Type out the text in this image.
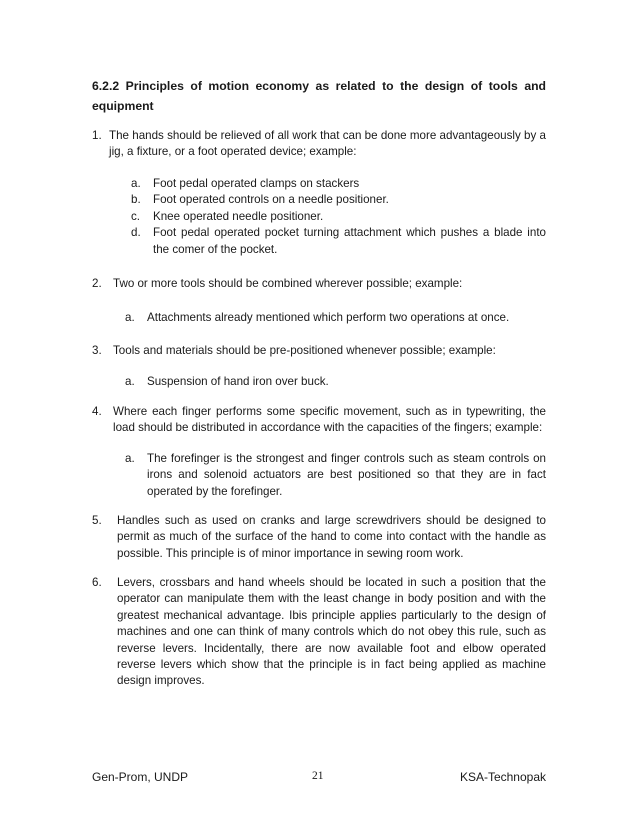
6.2.2 Principles of motion economy as related to the design of tools and equipment
1. The hands should be relieved of all work that can be done more advantageously by a jig, a fixture, or a foot operated device; example:
a.	Foot pedal operated clamps on stackers
b.	Foot operated controls on a needle positioner.
c.	Knee operated needle positioner.
d.	Foot pedal operated pocket turning attachment which pushes a blade into the comer of the pocket.
2. Two or more tools should be combined wherever possible; example:
a.	Attachments already mentioned which perform two operations at once.
3. Tools and materials should be pre-positioned whenever possible; example:
a.	Suspension of hand iron over buck.
4. Where each finger performs some specific movement, such as in typewriting, the load should be distributed in accordance with the capacities of the fingers; example:
a.	The forefinger is the strongest and finger controls such as steam controls on irons and solenoid actuators are best positioned so that they are in fact operated by the forefinger.
5.	Handles such as used on cranks and large screwdrivers should be designed to permit as much of the surface of the hand to come into contact with the handle as possible. This principle is of minor importance in sewing room work.
6.	Levers, crossbars and hand wheels should be located in such a position that the operator can manipulate them with the least change in body position and with the greatest mechanical advantage. Ibis principle applies particularly to the design of machines and one can think of many controls which do not obey this rule, such as reverse levers. Incidentally, there are now available foot and elbow operated reverse levers which show that the principle is in fact being applied as machine design improves.
Gen-Prom, UNDP	21	KSA-Technopak
